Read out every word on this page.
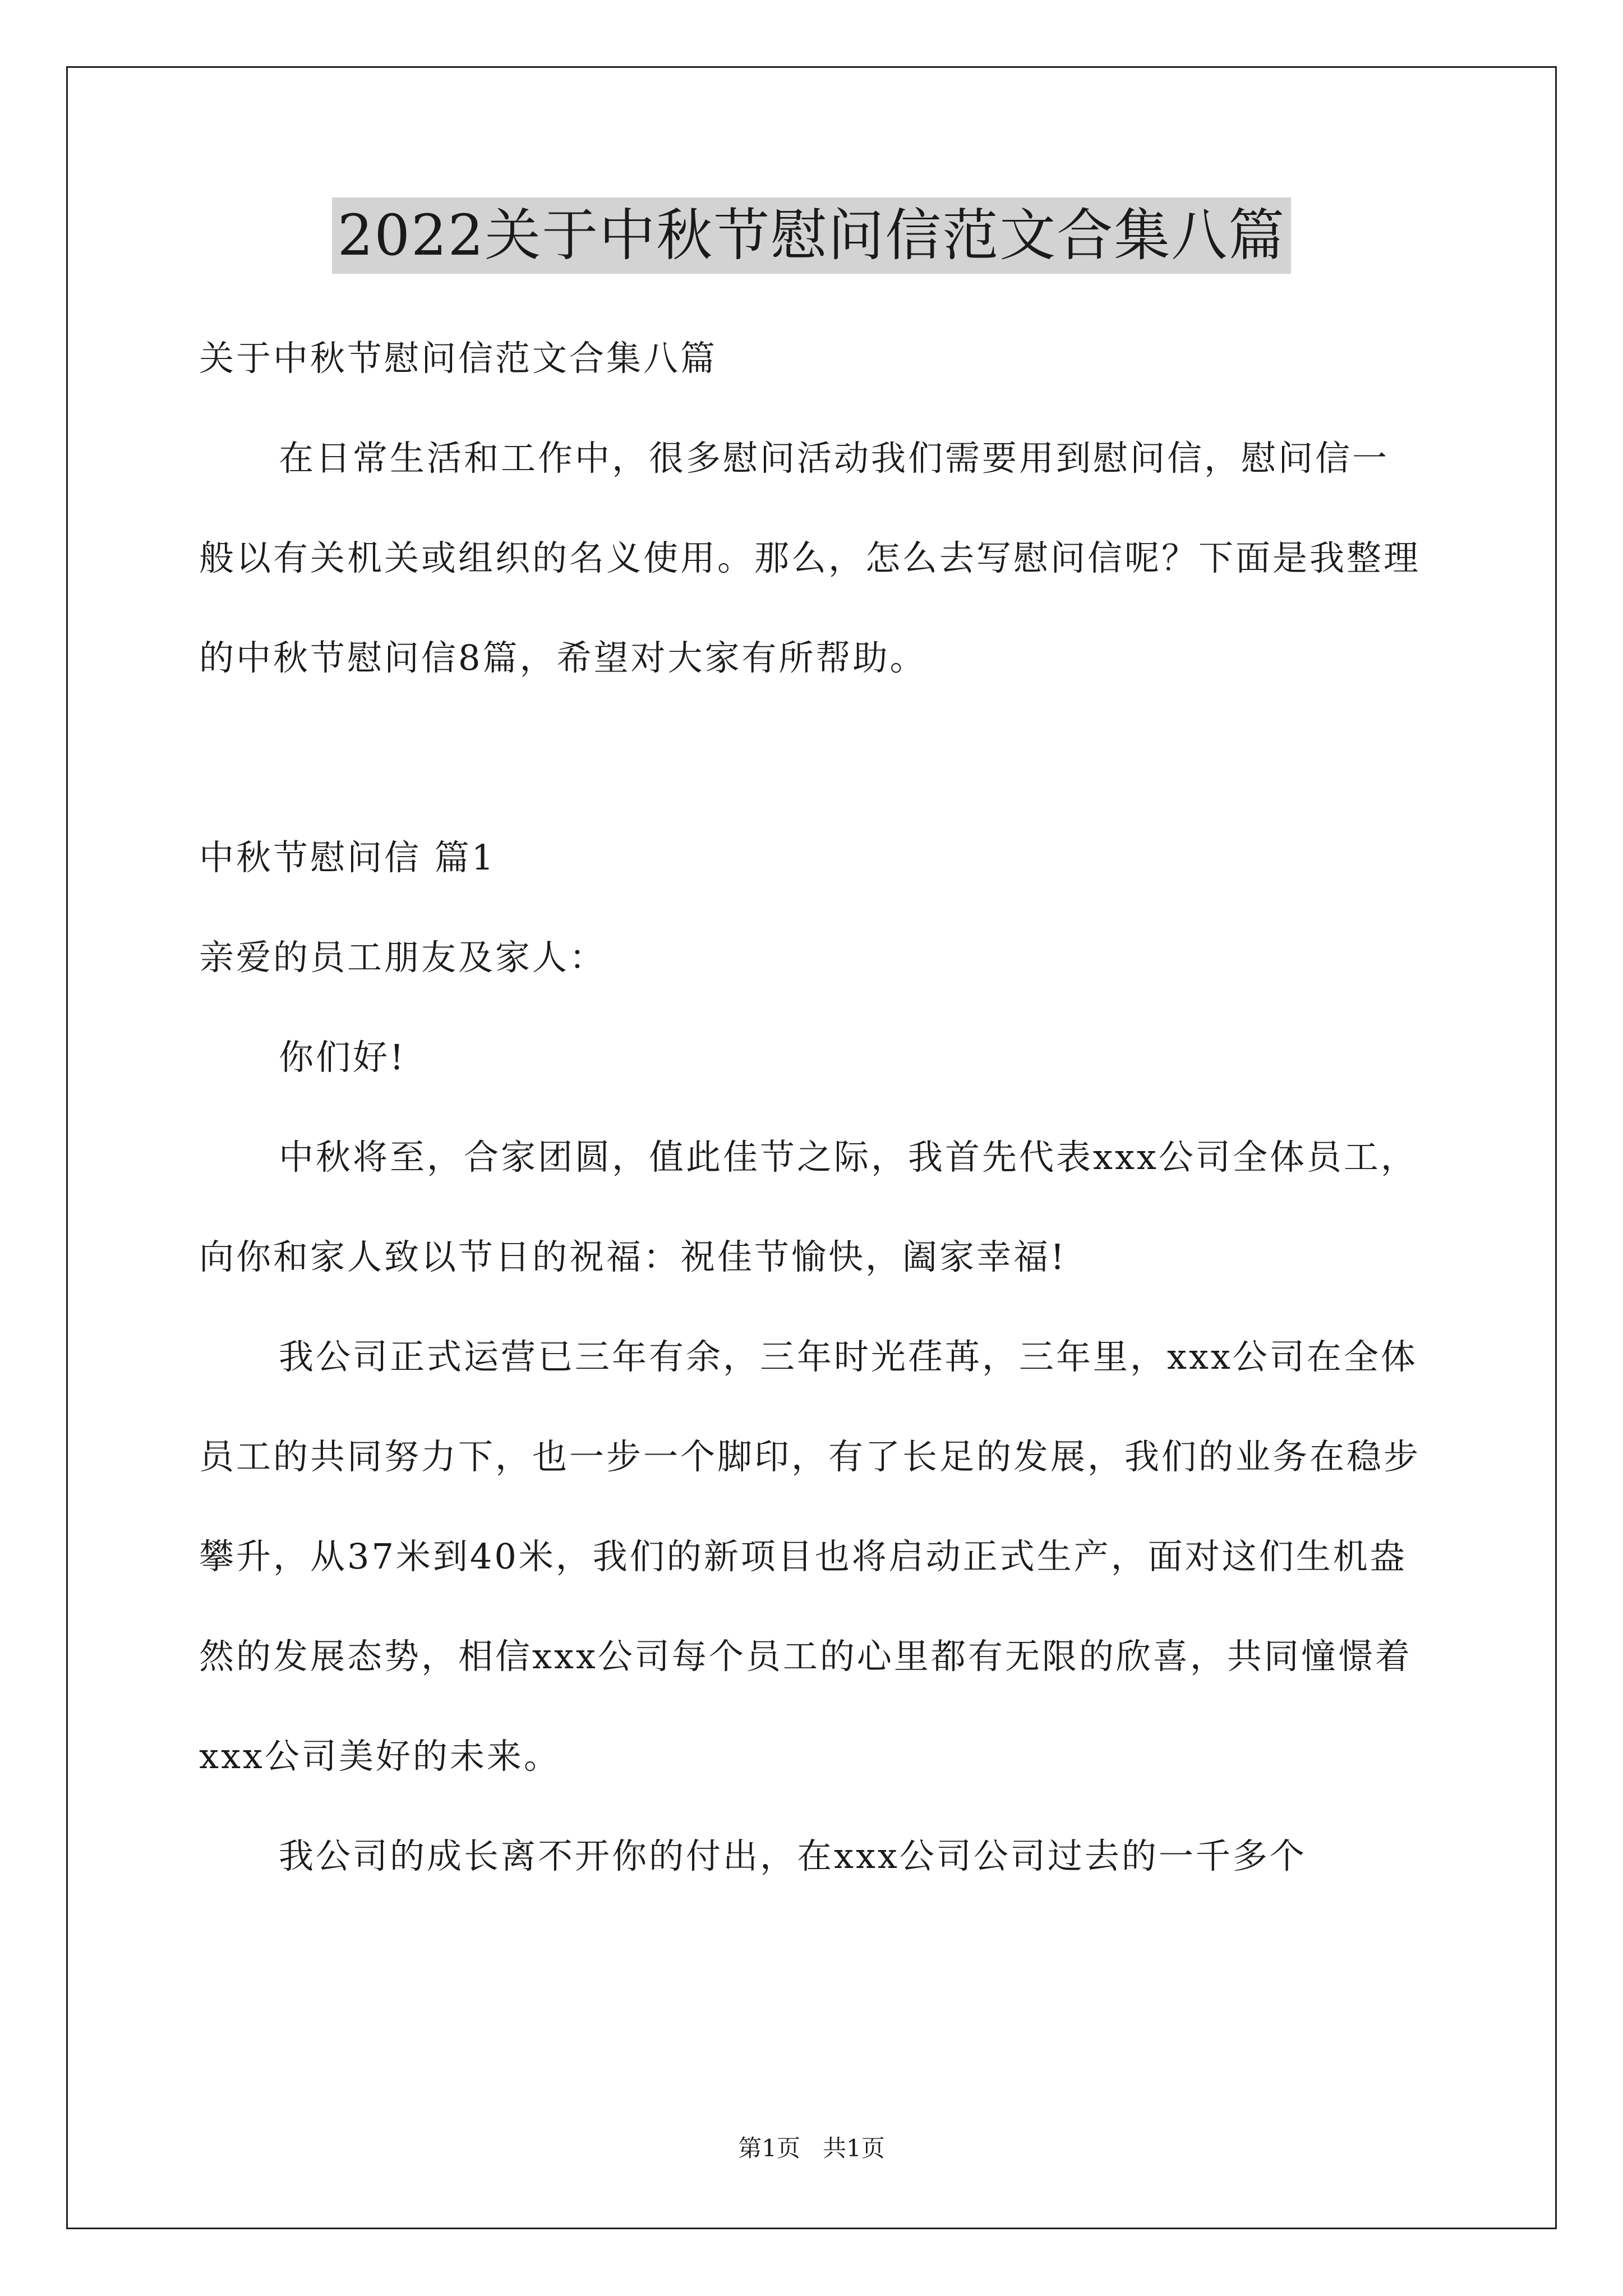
2022关于中秋节慰问信范文合集八篇

关于中秋节慰问信范文合集八篇

在日常生活和工作中，很多慰问活动我们需要用到慰问信，慰问信一般以有关机关或组织的名义使用。那么，怎么去写慰问信呢？下面是我整理的中秋节慰问信8篇，希望对大家有所帮助。

中秋节慰问信 篇1

亲爱的员工朋友及家人：

你们好!

中秋将至，合家团圆，值此佳节之际，我首先代表xxx公司全体员工，向你和家人致以节日的祝福：祝佳节愉快，阖家幸福!

我公司正式运营已三年有余，三年时光荏苒，三年里，xxx公司在全体员工的共同努力下，也一步一个脚印，有了长足的发展，我们的业务在稳步攀升，从37米到40米，我们的新项目也将启动正式生产，面对这们生机盎然的发展态势，相信xxx公司每个员工的心里都有无限的欣喜，共同憧憬着xxx公司美好的未来。

我公司的成长离不开你的付出，在xxx公司公司过去的一千多个

第1页 共1页
